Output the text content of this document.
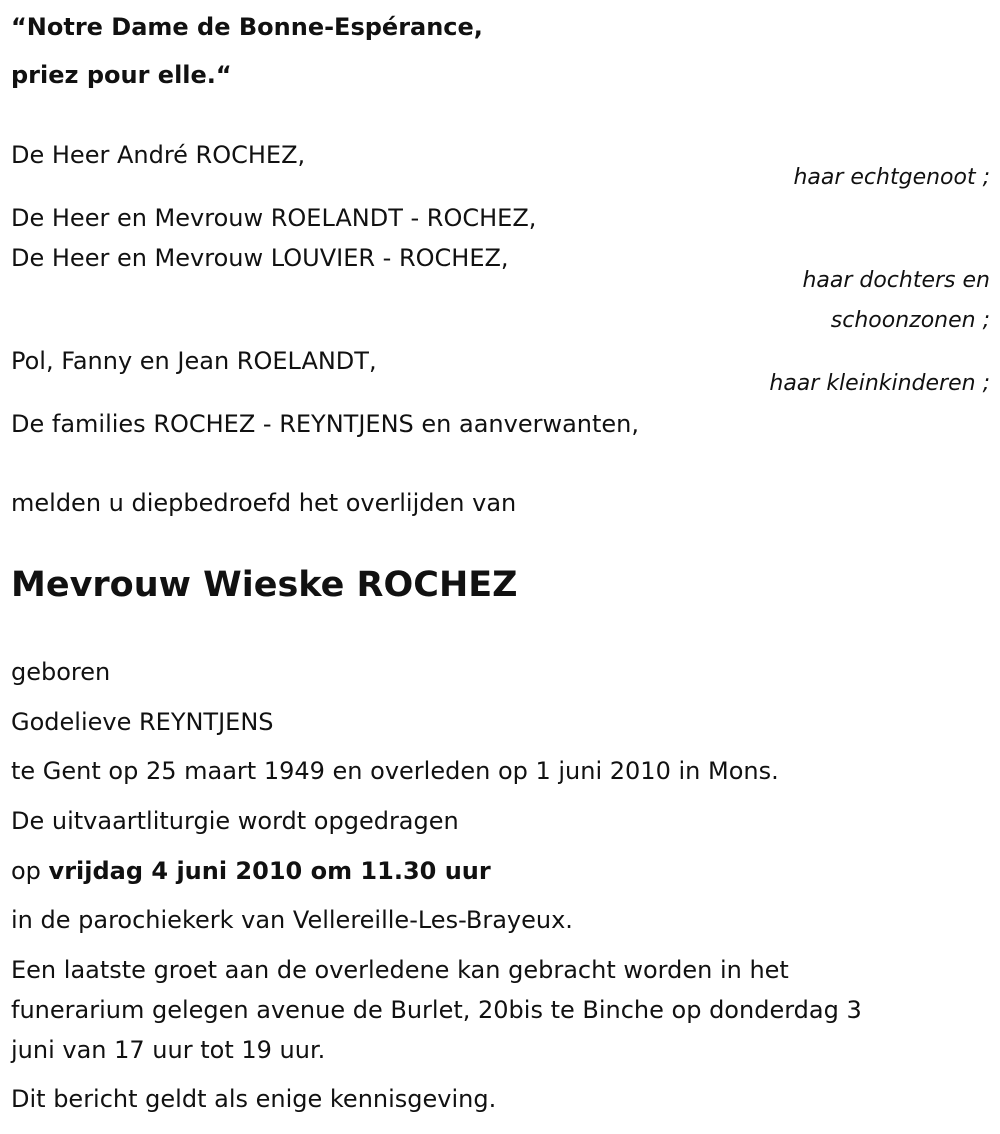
“Notre Dame de Bonne-Espérance,
priez pour elle.“
De Heer André ROCHEZ,
haar echtgenoot ;
De Heer en Mevrouw ROELANDT - ROCHEZ,
De Heer en Mevrouw LOUVIER - ROCHEZ,
haar dochters en
schoonzonen ;
Pol, Fanny en Jean ROELANDT,
haar kleinkinderen ;
De families ROCHEZ - REYNTJENS en aanverwanten,
melden u diepbedroefd het overlijden van
Mevrouw Wieske ROCHEZ
geboren
Godelieve REYNTJENS
te Gent op 25 maart 1949 en overleden op 1 juni 2010 in Mons.
De uitvaartliturgie wordt opgedragen
op vrijdag 4 juni 2010 om 11.30 uur
in de parochiekerk van Vellereille-Les-Brayeux.
Een laatste groet aan de overledene kan gebracht worden in het
funerarium gelegen avenue de Burlet, 20bis te Binche op donderdag 3
juni van 17 uur tot 19 uur.
Dit bericht geldt als enige kennisgeving.
